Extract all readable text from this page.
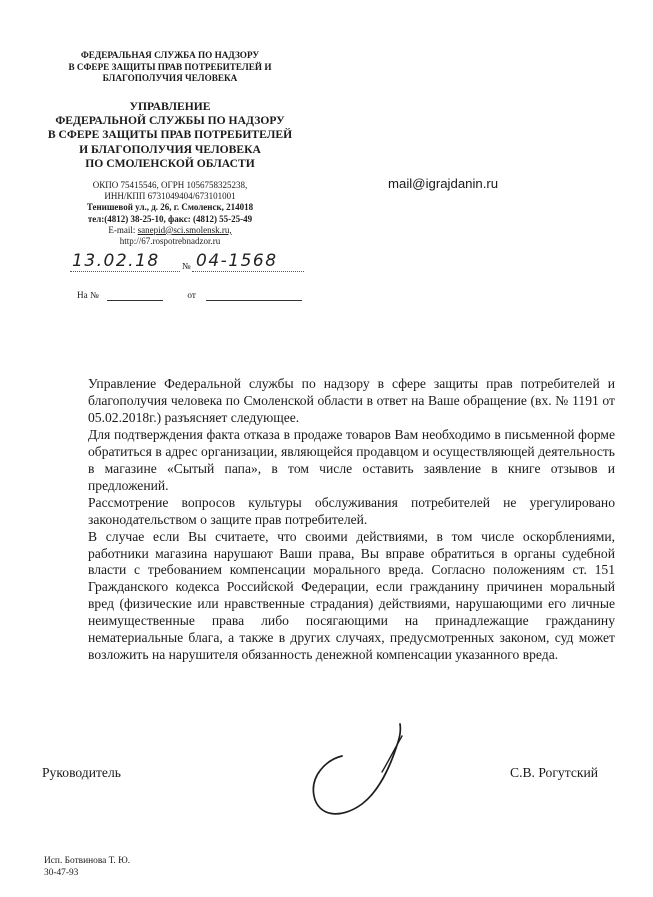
ФЕДЕРАЛЬНАЯ СЛУЖБА ПО НАДЗОРУ
В СФЕРЕ ЗАЩИТЫ ПРАВ ПОТРЕБИТЕЛЕЙ И
БЛАГОПОЛУЧИЯ ЧЕЛОВЕКА
УПРАВЛЕНИЕ
ФЕДЕРАЛЬНОЙ СЛУЖБЫ ПО НАДЗОРУ
В СФЕРЕ ЗАЩИТЫ ПРАВ ПОТРЕБИТЕЛЕЙ
И БЛАГОПОЛУЧИЯ ЧЕЛОВЕКА
ПО СМОЛЕНСКОЙ ОБЛАСТИ
ОКПО 75415546, ОГРН 1056758325238,
ИНН/КПП 6731049404/673101001
Тенишевой ул., д. 26, г. Смоленск, 214018
тел:(4812) 38-25-10, факс: (4812) 55-25-49
E-mail: sanepid@sci.smolensk.ru,
http://67.rospotrebnadzor.ru
mail@igrajdanin.ru
13.02.18 № 04-1568
На №	от

Управление Федеральной службы по надзору в сфере защиты прав потребителей и благополучия человека по Смоленской области в ответ на Ваше обращение (вх. № 1191 от 05.02.2018г.) разъясняет следующее.

Для подтверждения факта отказа в продаже товаров Вам необходимо в письменной форме обратиться в адрес организации, являющейся продавцом и осуществляющей деятельность в магазине «Сытый папа», в том числе оставить заявление в книге отзывов и предложений.

Рассмотрение вопросов культуры обслуживания потребителей не урегулировано законодательством о защите прав потребителей.

В случае если Вы считаете, что своими действиями, в том числе оскорблениями, работники магазина нарушают Ваши права, Вы вправе обратиться в органы судебной власти с требованием компенсации морального вреда. Согласно положениям ст. 151 Гражданского кодекса Российской Федерации, если гражданину причинен моральный вред (физические или нравственные страдания) действиями, нарушающими его личные неимущественные права либо посягающими на принадлежащие гражданину нематериальные блага, а также в других случаях, предусмотренных законом, суд может возложить на нарушителя обязанность денежной компенсации указанного вреда.

Руководитель	С.В. Рогутский
Исп. Ботвинова Т. Ю.
30-47-93
